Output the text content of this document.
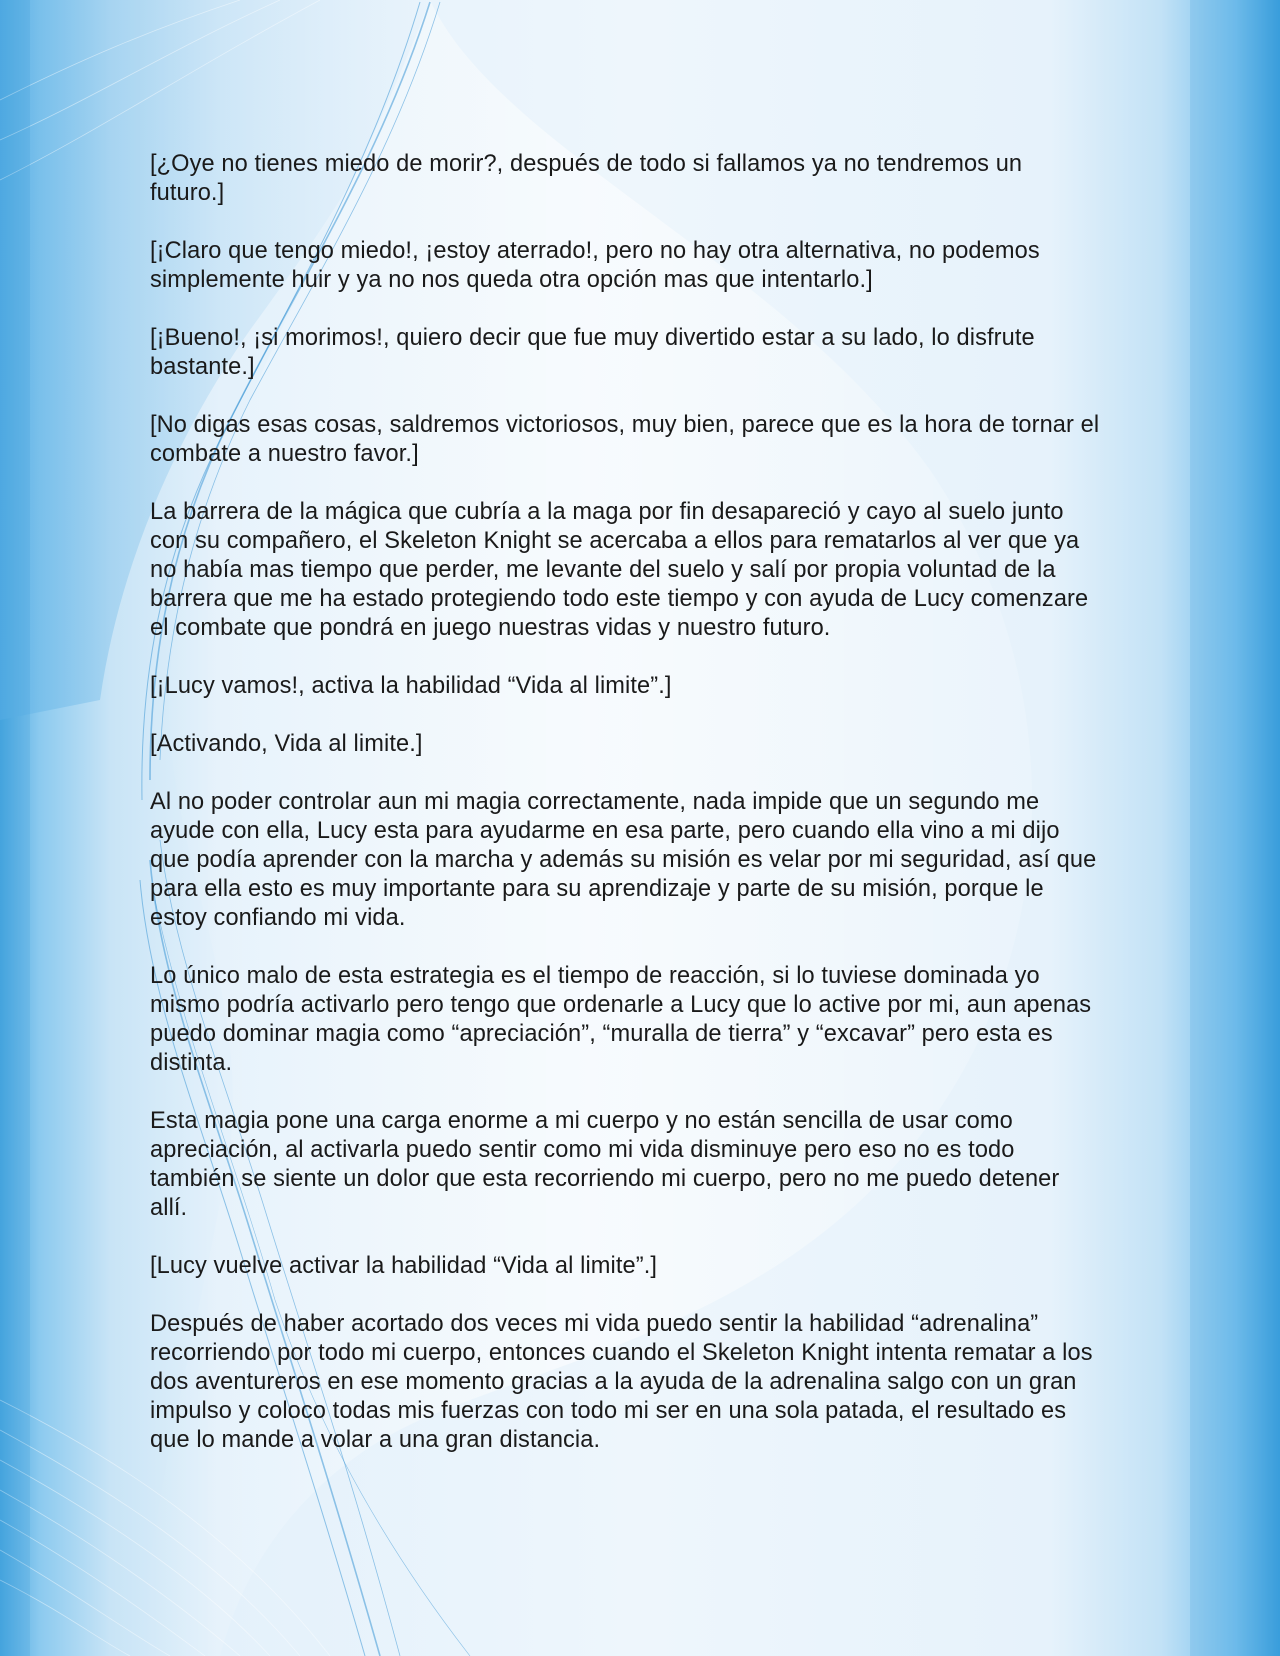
[¿Oye no tienes miedo de morir?, después de todo si fallamos ya no tendremos un futuro.]

[¡Claro que tengo miedo!, ¡estoy aterrado!, pero no hay otra alternativa, no podemos simplemente huir y ya no nos queda otra opción mas que intentarlo.]

[¡Bueno!, ¡si morimos!, quiero decir que fue muy divertido estar a su lado, lo disfrute bastante.]

[No digas esas cosas, saldremos victoriosos, muy bien, parece que es la hora de tornar el combate a nuestro favor.]

La barrera de la mágica que cubría a la maga por fin desapareció y cayo al suelo junto con su compañero, el Skeleton Knight se acercaba a ellos para rematarlos al ver que ya no había mas tiempo que perder, me levante del suelo y salí por propia voluntad de la barrera que me ha estado protegiendo todo este tiempo y con ayuda de Lucy comenzare el combate que pondrá en juego nuestras vidas y nuestro futuro.

[¡Lucy vamos!, activa la habilidad “Vida al limite”.]

[Activando, Vida al limite.]

Al no poder controlar aun mi magia correctamente, nada impide que un segundo me ayude con ella, Lucy esta para ayudarme en esa parte, pero cuando ella vino a mi dijo que podía aprender con la marcha y además su misión es velar por mi seguridad, así que para ella esto es muy importante para su aprendizaje y parte de su misión, porque le estoy confiando mi vida.

Lo único malo de esta estrategia es el tiempo de reacción, si lo tuviese dominada yo mismo podría activarlo pero tengo que ordenarle a Lucy que lo active por mi, aun apenas puedo dominar magia como “apreciación”, “muralla de tierra” y “excavar” pero esta es distinta.

Esta magia pone una carga enorme a mi cuerpo y no están sencilla de usar como apreciación, al activarla puedo sentir como mi vida disminuye pero eso no es todo también se siente un dolor que esta recorriendo mi cuerpo, pero no me puedo detener allí.

[Lucy vuelve activar la habilidad “Vida al limite”.]

Después de haber acortado dos veces mi vida puedo sentir la habilidad “adrenalina” recorriendo por todo mi cuerpo, entonces cuando el Skeleton Knight intenta rematar a los dos aventureros en ese momento gracias a la ayuda de la adrenalina salgo con un gran impulso y coloco todas mis fuerzas con todo mi ser en una sola patada, el resultado es que lo mande a volar a una gran distancia.
